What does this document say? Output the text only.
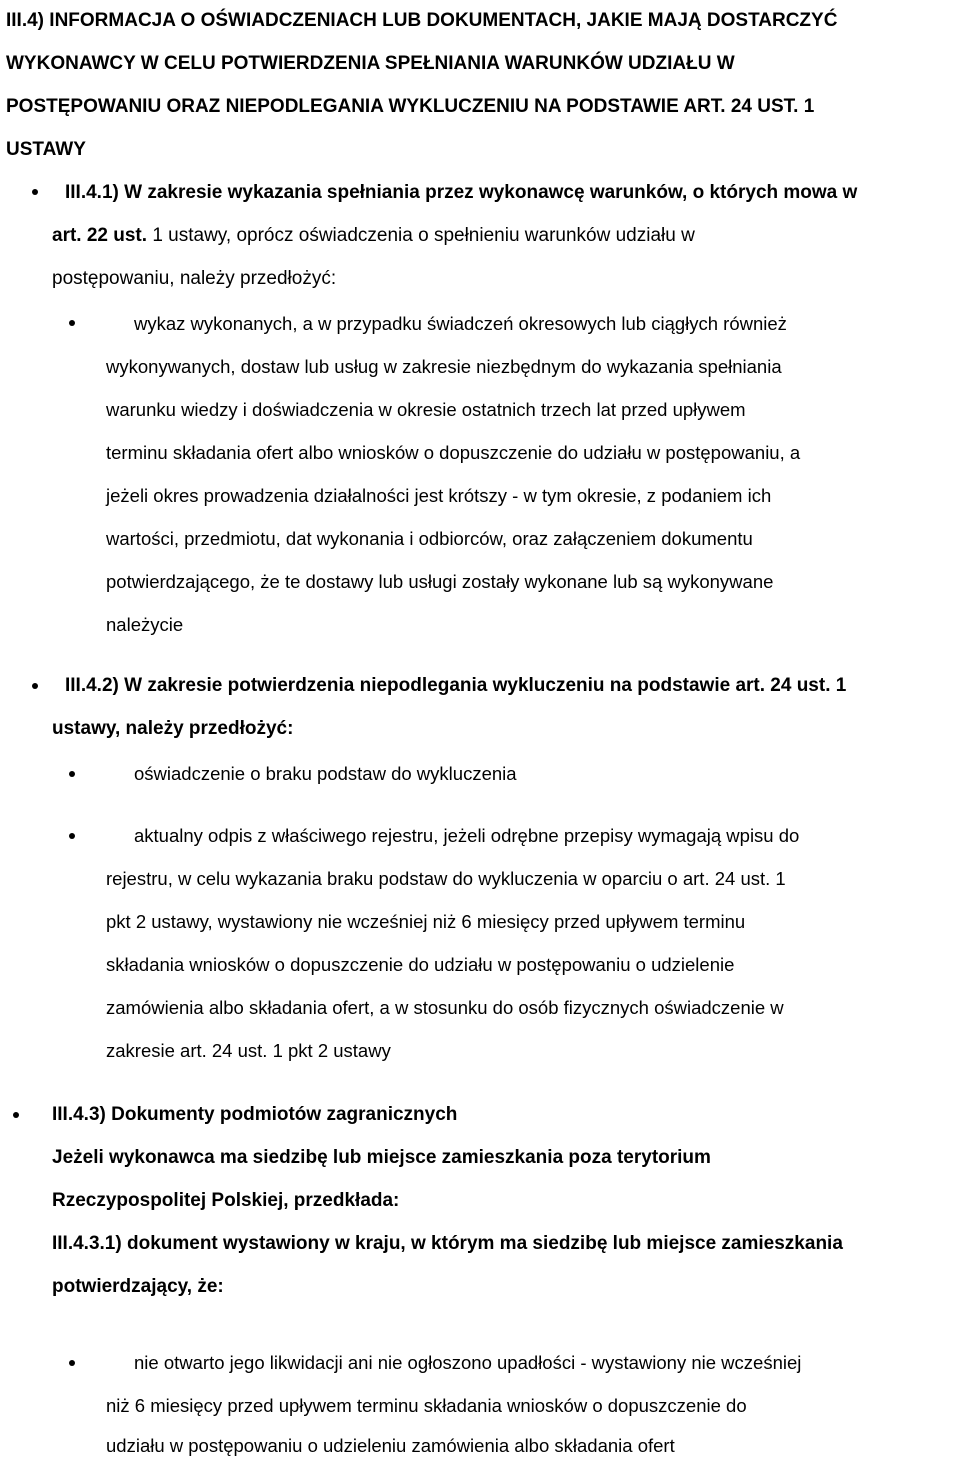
III.4) INFORMACJA O OŚWIADCZENIACH LUB DOKUMENTACH, JAKIE MAJĄ DOSTARCZYĆ

WYKONAWCY W CELU POTWIERDZENIA SPEŁNIANIA WARUNKÓW UDZIAŁU W

POSTĘPOWANIU ORAZ NIEPODLEGANIA WYKLUCZENIU NA PODSTAWIE ART. 24 UST. 1

USTAWY

III.4.1) W zakresie wykazania spełniania przez wykonawcę warunków, o których mowa w

art. 22 ust. 1 ustawy, oprócz oświadczenia o spełnieniu warunków udziału w

postępowaniu, należy przedłożyć:

wykaz wykonanych, a w przypadku świadczeń okresowych lub ciągłych również

wykonywanych, dostaw lub usług w zakresie niezbędnym do wykazania spełniania

warunku wiedzy i doświadczenia w okresie ostatnich trzech lat przed upływem

terminu składania ofert albo wniosków o dopuszczenie do udziału w postępowaniu, a

jeżeli okres prowadzenia działalności jest krótszy - w tym okresie, z podaniem ich

wartości, przedmiotu, dat wykonania i odbiorców, oraz załączeniem dokumentu

potwierdzającego, że te dostawy lub usługi zostały wykonane lub są wykonywane

należycie

III.4.2) W zakresie potwierdzenia niepodlegania wykluczeniu na podstawie art. 24 ust. 1

ustawy, należy przedłożyć:

oświadczenie o braku podstaw do wykluczenia

aktualny odpis z właściwego rejestru, jeżeli odrębne przepisy wymagają wpisu do

rejestru, w celu wykazania braku podstaw do wykluczenia w oparciu o art. 24 ust. 1

pkt 2 ustawy, wystawiony nie wcześniej niż 6 miesięcy przed upływem terminu

składania wniosków o dopuszczenie do udziału w postępowaniu o udzielenie

zamówienia albo składania ofert, a w stosunku do osób fizycznych oświadczenie w

zakresie art. 24 ust. 1 pkt 2 ustawy

III.4.3) Dokumenty podmiotów zagranicznych

Jeżeli wykonawca ma siedzibę lub miejsce zamieszkania poza terytorium

Rzeczypospolitej Polskiej, przedkłada:

III.4.3.1) dokument wystawiony w kraju, w którym ma siedzibę lub miejsce zamieszkania

potwierdzający, że:

nie otwarto jego likwidacji ani nie ogłoszono upadłości - wystawiony nie wcześniej

niż 6 miesięcy przed upływem terminu składania wniosków o dopuszczenie do

udziału w postępowaniu o udzieleniu zamówienia albo składania ofert
